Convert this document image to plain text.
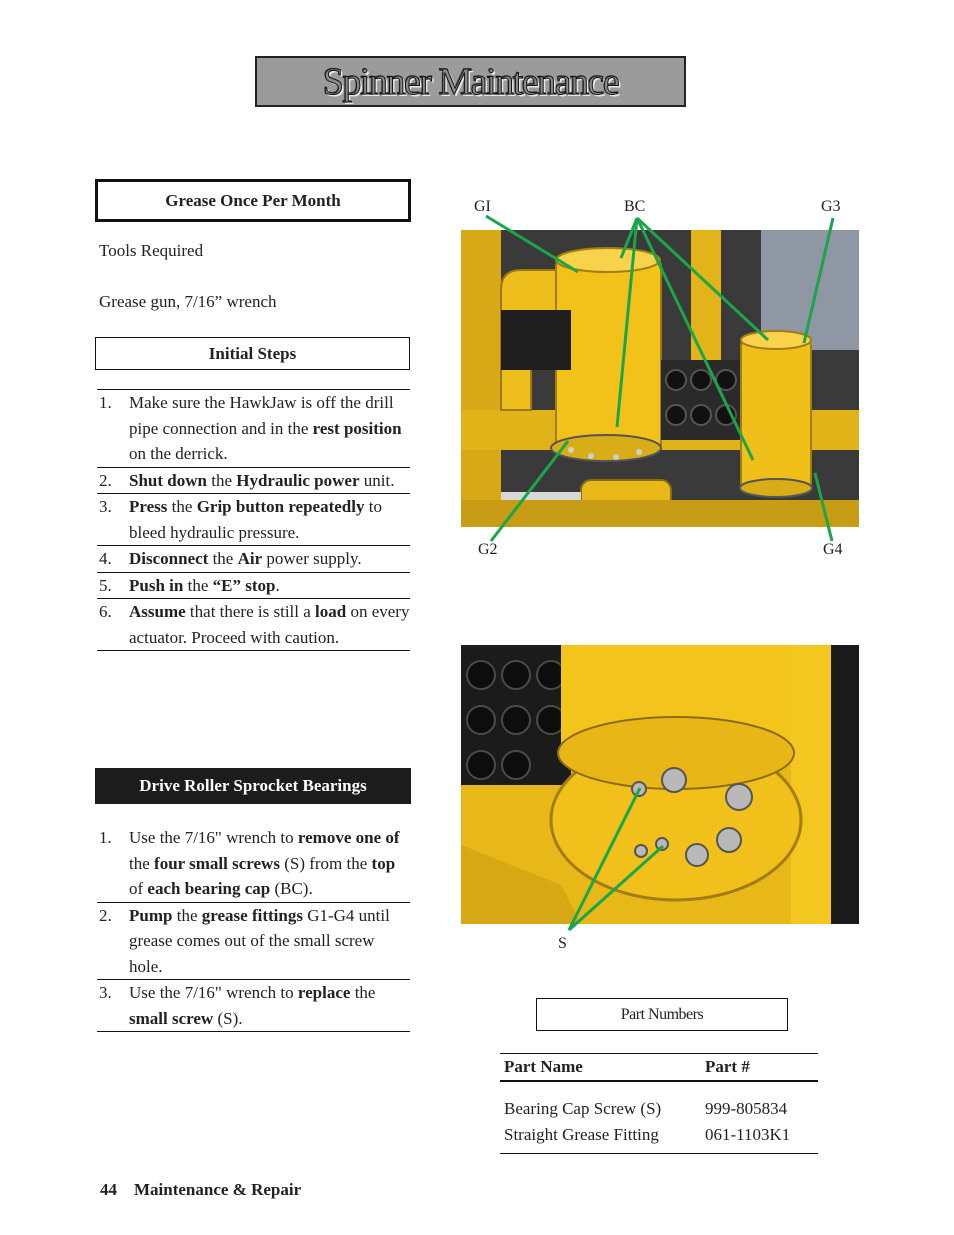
Spinner Maintenance
Grease Once Per Month
Tools Required
Grease gun, 7/16” wrench
Initial Steps
1.	Make sure the HawkJaw is off the drill pipe connection and in the rest position on the derrick.
2.	Shut down the Hydraulic power unit.
3.	Press the Grip button repeatedly to bleed hydraulic pressure.
4.	Disconnect the Air power supply.
5.	Push in the “E” stop.
6.	Assume that there is still a load on every actuator. Proceed with caution.
Drive Roller Sprocket Bearings
1.	Use the 7/16" wrench to remove one of the four small screws (S) from the top of each bearing cap (BC).
2.	Pump the grease fittings G1-G4 until grease comes out of the small screw hole.
3.	Use the 7/16" wrench to replace the small screw (S).
GI	BC	G3
G2	G4
S
Part Numbers
Part Name	Part #
Bearing Cap Screw (S)	999-805834
Straight Grease Fitting	061-1103K1
44 Maintenance & Repair
